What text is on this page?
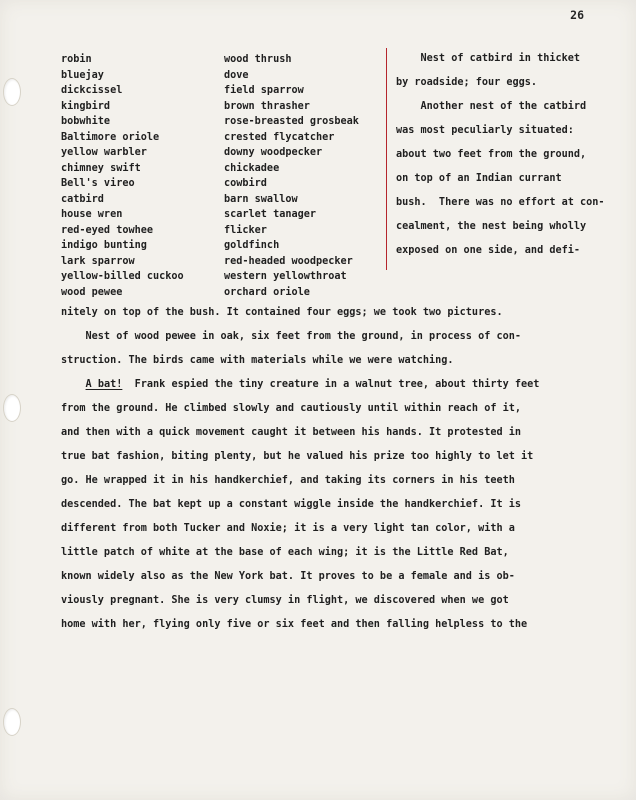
26
robin
bluejay
dickcissel
kingbird
bobwhite
Baltimore oriole
yellow warbler
chimney swift
Bell's vireo
catbird
house wren
red-eyed towhee
indigo bunting
lark sparrow
yellow-billed cuckoo
wood pewee
wood thrush
dove
field sparrow
brown thrasher
rose-breasted grosbeak
crested flycatcher
downy woodpecker
chickadee
cowbird
barn swallow
scarlet tanager
flicker
goldfinch
red-headed woodpecker
western yellowthroat
orchard oriole
Nest of catbird in thicket
by roadside; four eggs.
Another nest of the catbird
was most peculiarly situated:
about two feet from the ground,
on top of an Indian currant
bush.  There was no effort at con-
cealment, the nest being wholly
exposed on one side, and defi-
nitely on top of the bush. It contained four eggs; we took two pictures.
Nest of wood pewee in oak, six feet from the ground, in process of con-
struction. The birds came with materials while we were watching.
A bat! Frank espied the tiny creature in a walnut tree, about thirty feet
from the ground. He climbed slowly and cautiously until within reach of it,
and then with a quick movement caught it between his hands. It protested in
true bat fashion, biting plenty, but he valued his prize too highly to let it
go. He wrapped it in his handkerchief, and taking its corners in his teeth
descended. The bat kept up a constant wiggle inside the handkerchief. It is
different from both Tucker and Noxie; it is a very light tan color, with a
little patch of white at the base of each wing; it is the Little Red Bat,
known widely also as the New York bat. It proves to be a female and is ob-
viously pregnant. She is very clumsy in flight, we discovered when we got
home with her, flying only five or six feet and then falling helpless to the
